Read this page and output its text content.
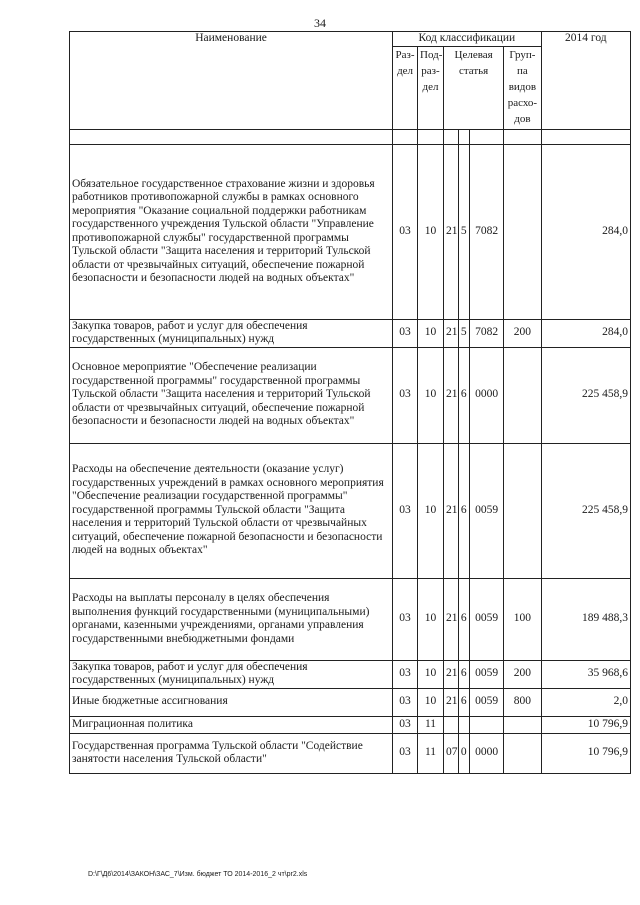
34
Наименование	Код классификации						2014 год
	Раз-дел	Под-раз-дел	Целевая статья			Груп-па видов расхо-дов	

Обязательное государственное страхование жизни и здоровья работников противопожарной службы в рамках основного мероприятия "Оказание социальной поддержки работникам государственного учреждения Тульской области "Управление противопожарной службы" государственной программы Тульской области "Защита населения и территорий Тульской области от чрезвычайных ситуаций, обеспечение пожарной безопасности и безопасности людей на водных объектах"	03	10	21	5	7082		284,0
Закупка товаров, работ и услуг для обеспечения государственных (муниципальных) нужд	03	10	21	5	7082	200	284,0
Основное мероприятие "Обеспечение реализации государственной программы" государственной программы Тульской области "Защита населения и территорий Тульской области от чрезвычайных ситуаций, обеспечение пожарной безопасности и безопасности людей на водных объектах"	03	10	21	6	0000		225 458,9
Расходы на обеспечение деятельности (оказание услуг) государственных учреждений в рамках основного мероприятия "Обеспечение реализации государственной программы" государственной программы Тульской области "Защита населения и территорий Тульской области от чрезвычайных ситуаций, обеспечение пожарной безопасности и безопасности людей на водных объектах"	03	10	21	6	0059		225 458,9
Расходы на выплаты персоналу в целях обеспечения выполнения функций государственными (муниципальными) органами, казенными учреждениями, органами управления государственными внебюджетными фондами	03	10	21	6	0059	100	189 488,3
Закупка товаров, работ и услуг для обеспечения государственных (муниципальных) нужд	03	10	21	6	0059	200	35 968,6
Иные бюджетные ассигнования	03	10	21	6	0059	800	2,0
Миграционная политика	03	11					10 796,9
Государственная программа Тульской области "Содействие занятости населения Тульской области"	03	11	07	0	0000		10 796,9
D:\Г\Д6\2014\ЗАКОН\ЗАС_7\Изм. бюджет ТО 2014-2016_2 чт\pr2.xls
